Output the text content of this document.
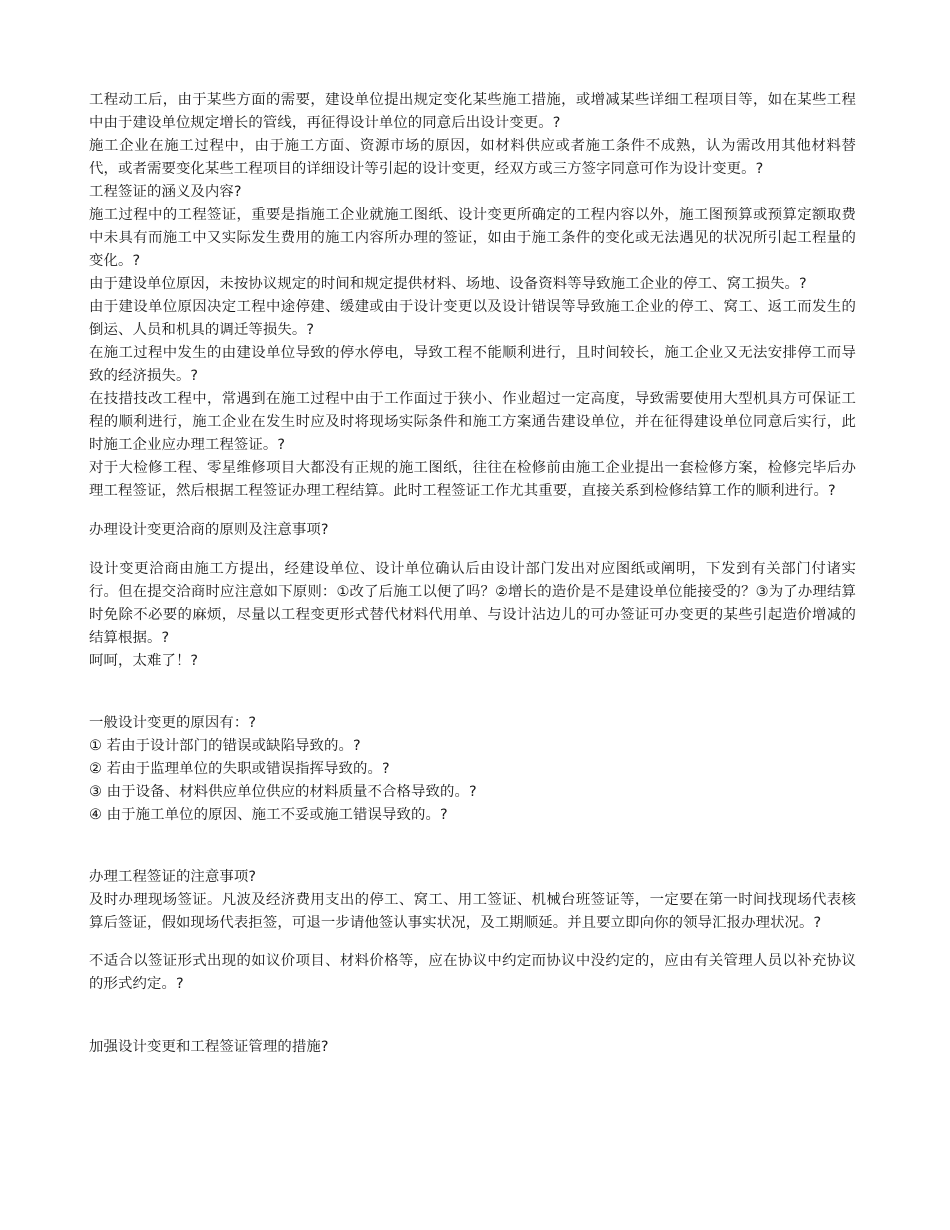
工程动工后，由于某些方面的需要，建设单位提出规定变化某些施工措施，或增减某些详细工程项目等，如在某些工程中由于建设单位规定增长的管线，再征得设计单位的同意后出设计变更。?

施工企业在施工过程中，由于施工方面、资源市场的原因，如材料供应或者施工条件不成熟，认为需改用其他材料替代，或者需要变化某些工程项目的详细设计等引起的设计变更，经双方或三方签字同意可作为设计变更。?

工程签证的涵义及内容?

施工过程中的工程签证，重要是指施工企业就施工图纸、设计变更所确定的工程内容以外，施工图预算或预算定额取费中未具有而施工中又实际发生费用的施工内容所办理的签证，如由于施工条件的变化或无法遇见的状况所引起工程量的变化。?

由于建设单位原因，未按协议规定的时间和规定提供材料、场地、设备资料等导致施工企业的停工、窝工损失。?

由于建设单位原因决定工程中途停建、缓建或由于设计变更以及设计错误等导致施工企业的停工、窝工、返工而发生的倒运、人员和机具的调迁等损失。?

在施工过程中发生的由建设单位导致的停水停电，导致工程不能顺利进行，且时间较长，施工企业又无法安排停工而导致的经济损失。?

在技措技改工程中，常遇到在施工过程中由于工作面过于狭小、作业超过一定高度，导致需要使用大型机具方可保证工程的顺利进行，施工企业在发生时应及时将现场实际条件和施工方案通告建设单位，并在征得建设单位同意后实行，此时施工企业应办理工程签证。?

对于大检修工程、零星维修项目大都没有正规的施工图纸，往往在检修前由施工企业提出一套检修方案，检修完毕后办理工程签证，然后根据工程签证办理工程结算。此时工程签证工作尤其重要，直接关系到检修结算工作的顺利进行。?

办理设计变更洽商的原则及注意事项?

设计变更洽商由施工方提出，经建设单位、设计单位确认后由设计部门发出对应图纸或阐明，下发到有关部门付诸实行。但在提交洽商时应注意如下原则：①改了后施工以便了吗？②增长的造价是不是建设单位能接受的？③为了办理结算时免除不必要的麻烦，尽量以工程变更形式替代材料代用单、与设计沾边儿的可办签证可办变更的某些引起造价增减的结算根据。?

呵呵，太难了！?

一般设计变更的原因有：?

① 若由于设计部门的错误或缺陷导致的。?

② 若由于监理单位的失职或错误指挥导致的。?

③ 由于设备、材料供应单位供应的材料质量不合格导致的。?

④ 由于施工单位的原因、施工不妥或施工错误导致的。?

办理工程签证的注意事项?

及时办理现场签证。凡波及经济费用支出的停工、窝工、用工签证、机械台班签证等，一定要在第一时间找现场代表核算后签证，假如现场代表拒签，可退一步请他签认事实状况，及工期顺延。并且要立即向你的领导汇报办理状况。?

不适合以签证形式出现的如议价项目、材料价格等，应在协议中约定而协议中没约定的，应由有关管理人员以补充协议的形式约定。?

加强设计变更和工程签证管理的措施?
